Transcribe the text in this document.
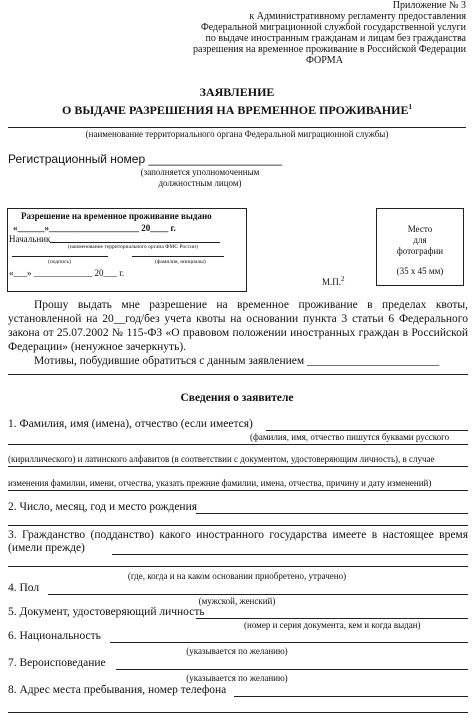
Приложение № 3
к Административному регламенту предоставления
Федеральной миграционной службой государственной услуги
по выдаче иностранным гражданам и лицам без гражданства
разрешения на временное проживание в Российской Федерации
ФОРМА
ЗАЯВЛЕНИЕ
О ВЫДАЧЕ РАЗРЕШЕНИЯ НА ВРЕМЕННОЕ ПРОЖИВАНИЕ$^1$
(наименование территориального органа Федеральной миграционной службы)
Регистрационный номер ____________________
(заполняется уполномоченным
должностным лицом)
Разрешение на временное проживание выдано
«______»____________________ 20____ г.
Начальник
(наименование территориального органа ФМС России)
(подпись)	(фамилия, инициалы)
«___» _____________ 20___ г.
Место
для
фотографии
(35 х 45 мм)
М.П.$^2$
Прошу выдать мне разрешение на временное проживание в пределах квоты,
установленной на 20__год/без учета квоты на основании пункта 3 статьи 6 Федерального
закона от 25.07.2002 № 115-ФЗ «О правовом положении иностранных граждан в Российской
Федерации» (ненужное зачеркнуть).
Мотивы, побудившие обратиться с данным заявлением _______________________
Сведения о заявителе
1. Фамилия, имя (имена), отчество (если имеется)
(фамилия, имя, отчество пишутся буквами русского
(кириллического) и латинского алфавитов (в соответствии с документом, удостоверяющим личность), в случае
изменения фамилии, имени, отчества, указать прежние фамилии, имена, отчества, причину и дату изменений)
2. Число, месяц, год и место рождения
3. Гражданство (подданство) какого иностранного государства имеете в настоящее время
(имели прежде)
(где, когда и на каком основании приобретено, утрачено)
4. Пол
(мужской, женский)
5. Документ, удостоверяющий личность
(номер и серия документа, кем и когда выдан)
6. Национальность
(указывается по желанию)
7. Вероисповедание
(указывается по желанию)
8. Адрес места пребывания, номер телефона
